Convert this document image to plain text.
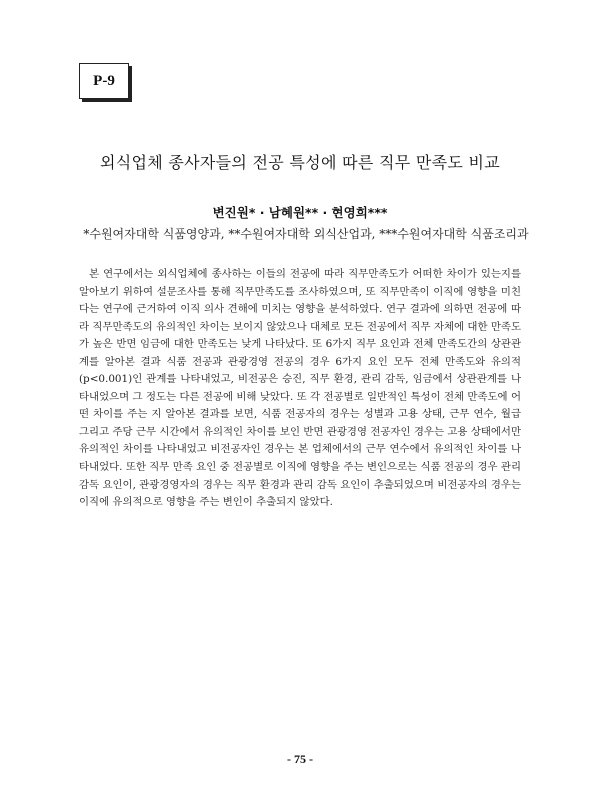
P-9
외식업체 종사자들의 전공 특성에 따른 직무 만족도 비교
변진원* · 남혜원** · 현영희***
*수원여자대학 식품영양과, **수원여자대학 외식산업과, ***수원여자대학 식품조리과
본 연구에서는 외식업체에 종사하는 이들의 전공에 따라 직무만족도가 어떠한 차이가 있는지를 알아보기 위하여 설문조사를 통해 직무만족도를 조사하였으며, 또 직무만족이 이직에 영향을 미친다는 연구에 근거하여 이직 의사 견해에 미치는 영향을 분석하였다. 연구 결과에 의하면 전공에 따라 직무만족도의 유의적인 차이는 보이지 않았으나 대체로 모든 전공에서 직무 자체에 대한 만족도가 높은 반면 임금에 대한 만족도는 낮게 나타났다. 또 6가지 직무 요인과 전체 만족도간의 상관관계를 알아본 결과 식품 전공과 관광경영 전공의 경우 6가지 요인 모두 전체 만족도와 유의적(p<0.001)인 관계를 나타내었고, 비전공은 승진, 직무 환경, 관리 감독, 임금에서 상관관계를 나타내었으며 그 정도는 다른 전공에 비해 낮았다. 또 각 전공별로 일반적인 특성이 전체 만족도에 어떤 차이를 주는 지 알아본 결과를 보면, 식품 전공자의 경우는 성별과 고용 상태, 근무 연수, 월급 그리고 주당 근무 시간에서 유의적인 차이를 보인 반면 관광경영 전공자인 경우는 고용 상태에서만 유의적인 차이를 나타내었고 비전공자인 경우는 본 업체에서의 근무 연수에서 유의적인 차이를 나타내었다. 또한 직무 만족 요인 중 전공별로 이직에 영향을 주는 변인으로는 식품 전공의 경우 관리감독 요인이, 관광경영자의 경우는 직무 환경과 관리 감독 요인이 추출되었으며 비전공자의 경우는 이직에 유의적으로 영향을 주는 변인이 추출되지 않았다.
- 75 -
